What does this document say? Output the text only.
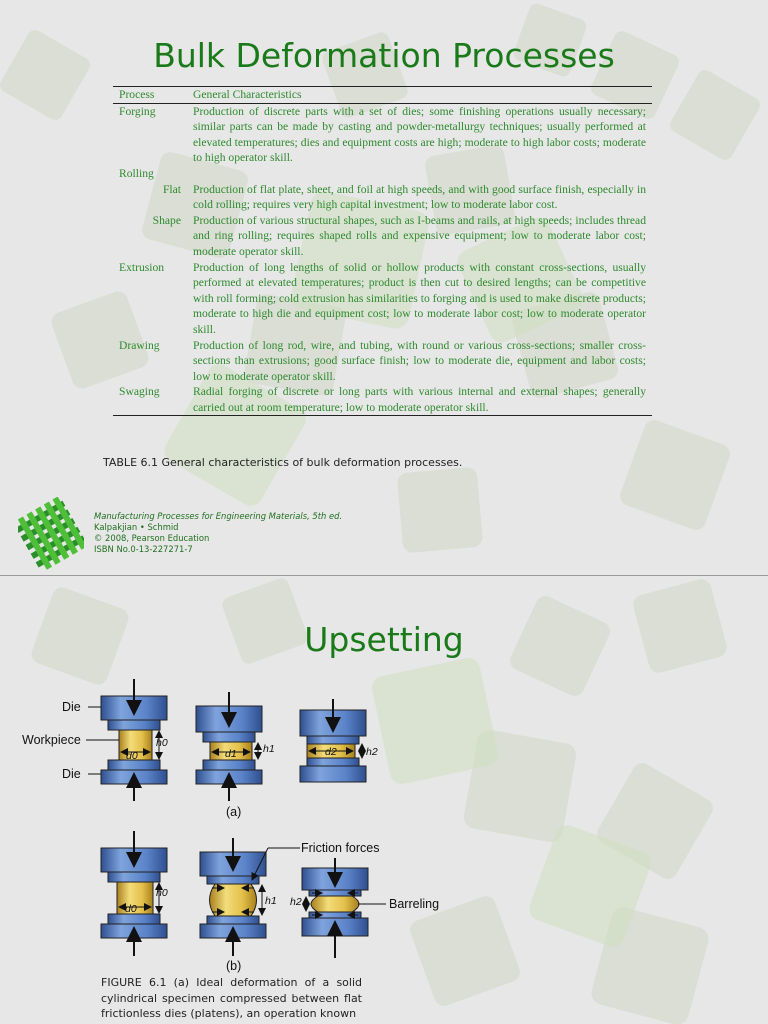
Bulk Deformation Processes
Process	General Characteristics
Forging	Production of discrete parts with a set of dies; some finishing operations usually necessary; similar parts can be made by casting and powder-metallurgy techniques; usually performed at elevated temperatures; dies and equipment costs are high; moderate to high labor costs; moderate to high operator skill.
Rolling	
Flat	Production of flat plate, sheet, and foil at high speeds, and with good surface finish, especially in cold rolling; requires very high capital investment; low to moderate labor cost.
Shape	Production of various structural shapes, such as I-beams and rails, at high speeds; includes thread and ring rolling; requires shaped rolls and expensive equipment; low to moderate labor cost; moderate operator skill.
Extrusion	Production of long lengths of solid or hollow products with constant cross-sections, usually performed at elevated temperatures; product is then cut to desired lengths; can be competitive with roll forming; cold extrusion has similarities to forging and is used to make discrete products; moderate to high die and equipment cost; low to moderate labor cost; low to moderate operator skill.
Drawing	Production of long rod, wire, and tubing, with round or various cross-sections; smaller cross-sections than extrusions; good surface finish; low to moderate die, equipment and labor costs; low to moderate operator skill.
Swaging	Radial forging of discrete or long parts with various internal and external shapes; generally carried out at room temperature; low to moderate operator skill.
TABLE 6.1 General characteristics of bulk deformation processes.
Manufacturing Processes for Engineering Materials, 5th ed.
Kalpakjian • Schmid
© 2008, Pearson Education
ISBN No.0-13-227271-7
Upsetting
Die
Workpiece
Die
(a)
(b)
Friction forces
Barreling
d0
h0
d1	h1	d2	h2
d0
h0
h1 h2
FIGURE 6.1 (a) Ideal deformation of a solid cylindrical specimen compressed between flat frictionless dies (platens), an operation known
